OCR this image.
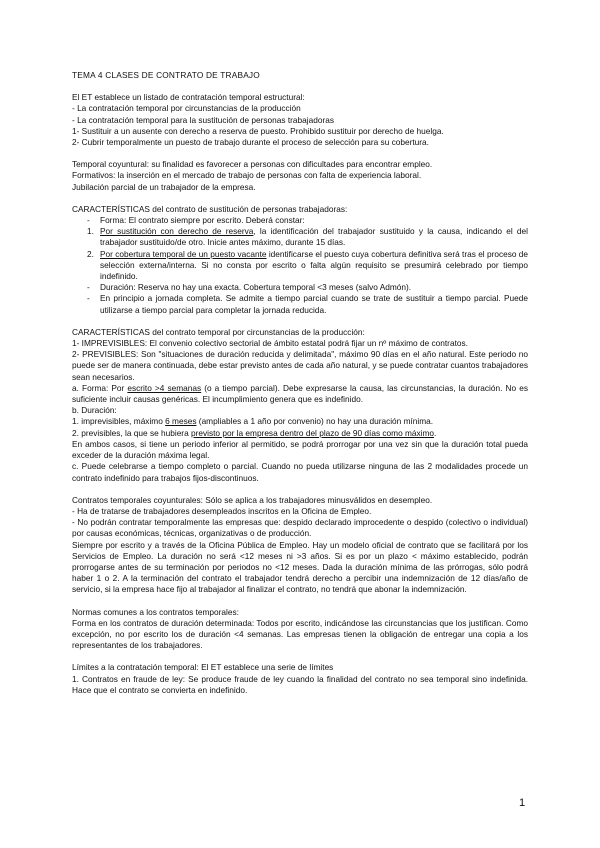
TEMA 4 CLASES DE CONTRATO DE TRABAJO
El ET establece un listado de contratación temporal estructural:
- La contratación temporal por circunstancias de la producción
- La contratación temporal para la sustitución de personas trabajadoras
1- Sustituir a un ausente con derecho a reserva de puesto. Prohibido sustituir por derecho de huelga.
2- Cubrir temporalmente un puesto de trabajo durante el proceso de selección para su cobertura.
Temporal coyuntural: su finalidad es favorecer a personas con dificultades para encontrar empleo.
Formativos: la inserción en el mercado de trabajo de personas con falta de experiencia laboral.
Jubilación parcial de un trabajador de la empresa.
CARACTERÍSTICAS del contrato de sustitución de personas trabajadoras:
-	Forma: El contrato siempre por escrito. Deberá constar:
1. Por sustitución con derecho de reserva, la identificación del trabajador sustituido y la causa, indicando el del trabajador sustituido/de otro. Inicie antes máximo, durante 15 días.
2. Por cobertura temporal de un puesto vacante identificarse el puesto cuya cobertura definitiva será tras el proceso de selección externa/interna. Si no consta por escrito o falta algún requisito se presumirá celebrado por tiempo indefinido.
-	Duración: Reserva no hay una exacta. Cobertura temporal <3 meses (salvo Admón).
-	En principio a jornada completa. Se admite a tiempo parcial cuando se trate de sustituir a tiempo parcial. Puede utilizarse a tiempo parcial para completar la jornada reducida.
CARACTERÍSTICAS del contrato temporal por circunstancias de la producción:
1- IMPREVISIBLES: El convenio colectivo sectorial de ámbito estatal podrá fijar un nº máximo de contratos.
2- PREVISIBLES: Son "situaciones de duración reducida y delimitada", máximo 90 días en el año natural. Este periodo no puede ser de manera continuada, debe estar previsto antes de cada año natural, y se puede contratar cuantos trabajadores sean necesarios.
a. Forma: Por escrito >4 semanas (o a tiempo parcial). Debe expresarse la causa, las circunstancias, la duración. No es suficiente incluir causas genéricas. El incumplimiento genera que es indefinido.
b. Duración:
1. imprevisibles, máximo 6 meses (ampliables a 1 año por convenio) no hay una duración mínima.
2. previsibles, la que se hubiera previsto por la empresa dentro del plazo de 90 días como máximo.
En ambos casos, si tiene un periodo inferior al permitido, se podrá prorrogar por una vez sin que la duración total pueda exceder de la duración máxima legal.
c. Puede celebrarse a tiempo completo o parcial. Cuando no pueda utilizarse ninguna de las 2 modalidades procede un contrato indefinido para trabajos fijos-discontinuos.
Contratos temporales coyunturales: Sólo se aplica a los trabajadores minusválidos en desempleo.
- Ha de tratarse de trabajadores desempleados inscritos en la Oficina de Empleo.
- No podrán contratar temporalmente las empresas que: despido declarado improcedente o despido (colectivo o individual) por causas económicas, técnicas, organizativas o de producción.
Siempre por escrito y a través de la Oficina Pública de Empleo. Hay un modelo oficial de contrato que se facilitará por los Servicios de Empleo. La duración no será <12 meses ni >3 años. Si es por un plazo < máximo establecido, podrán prorrogarse antes de su terminación por periodos no <12 meses. Dada la duración mínima de las prórrogas, sólo podrá haber 1 o 2. A la terminación del contrato el trabajador tendrá derecho a percibir una indemnización de 12 días/año de servicio, si la empresa hace fijo al trabajador al finalizar el contrato, no tendrá que abonar la indemnización.
Normas comunes a los contratos temporales:
Forma en los contratos de duración determinada: Todos por escrito, indicándose las circunstancias que los justifican. Como excepción, no por escrito los de duración <4 semanas. Las empresas tienen la obligación de entregar una copia a los representantes de los trabajadores.
Límites a la contratación temporal: El ET establece una serie de límites
1. Contratos en fraude de ley: Se produce fraude de ley cuando la finalidad del contrato no sea temporal sino indefinida. Hace que el contrato se convierta en indefinido.
1
